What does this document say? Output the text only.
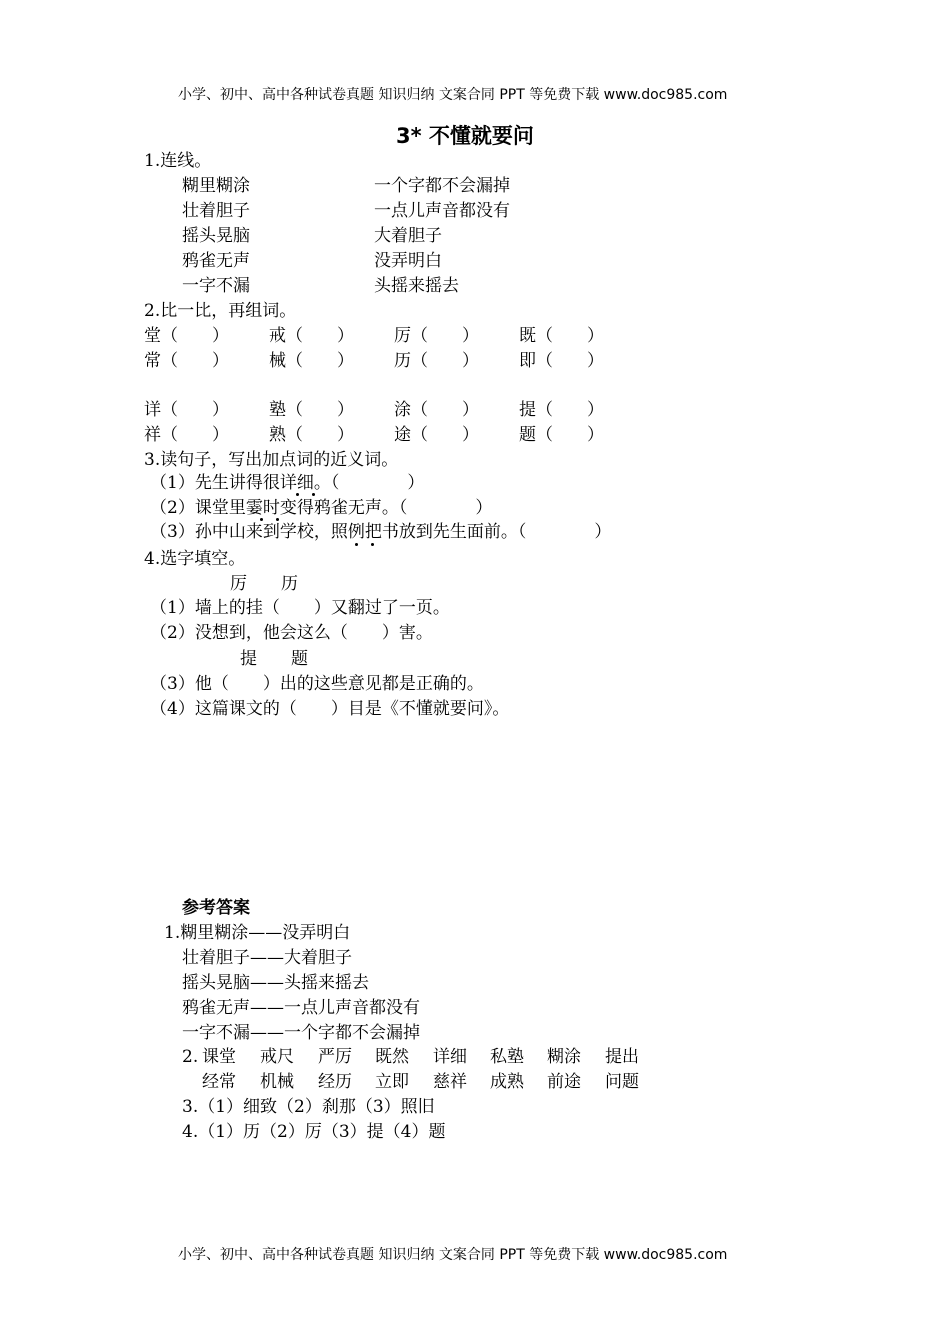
小学、初中、高中各种试卷真题 知识归纳 文案合同 PPT 等免费下载 www.doc985.com
3* 不懂就要问
1.连线。
糊里糊涂
壮着胆子
摇头晃脑
鸦雀无声
一字不漏
一个字都不会漏掉
一点儿声音都没有
大着胆子
没弄明白
头摇来摇去
2.比一比，再组词。
堂（　　） 戒（　　） 厉（　　） 既（　　）
常（　　） 械（　　） 历（　　） 即（　　）
详（　　） 塾（　　） 涂（　　） 提（　　）
祥（　　） 熟（　　） 途（　　） 题（　　）
3.读句子，写出加点词的近义词。
（1）先生讲得很详细。（　　　　）
（2）课堂里霎时变得鸦雀无声。（　　　　）
（3）孙中山来到学校，照例把书放到先生面前。（　　　　）
4.选字填空。
厉　　历
（1）墙上的挂（　　）又翻过了一页。
（2）没想到，他会这么（　　）害。
提　　题
（3）他（　　）出的这些意见都是正确的。
（4）这篇课文的（　　）目是《不懂就要问》。
参考答案
1.糊里糊涂——没弄明白
壮着胆子——大着胆子
摇头晃脑——头摇来摇去
鸦雀无声——一点儿声音都没有
一字不漏——一个字都不会漏掉
2. 课堂 戒尺 严厉 既然 详细 私塾 糊涂 提出
经常 机械 经历 立即 慈祥 成熟 前途 问题
3.（1）细致（2）刹那（3）照旧
4.（1）历（2）厉（3）提（4）题
小学、初中、高中各种试卷真题 知识归纳 文案合同 PPT 等免费下载 www.doc985.com
